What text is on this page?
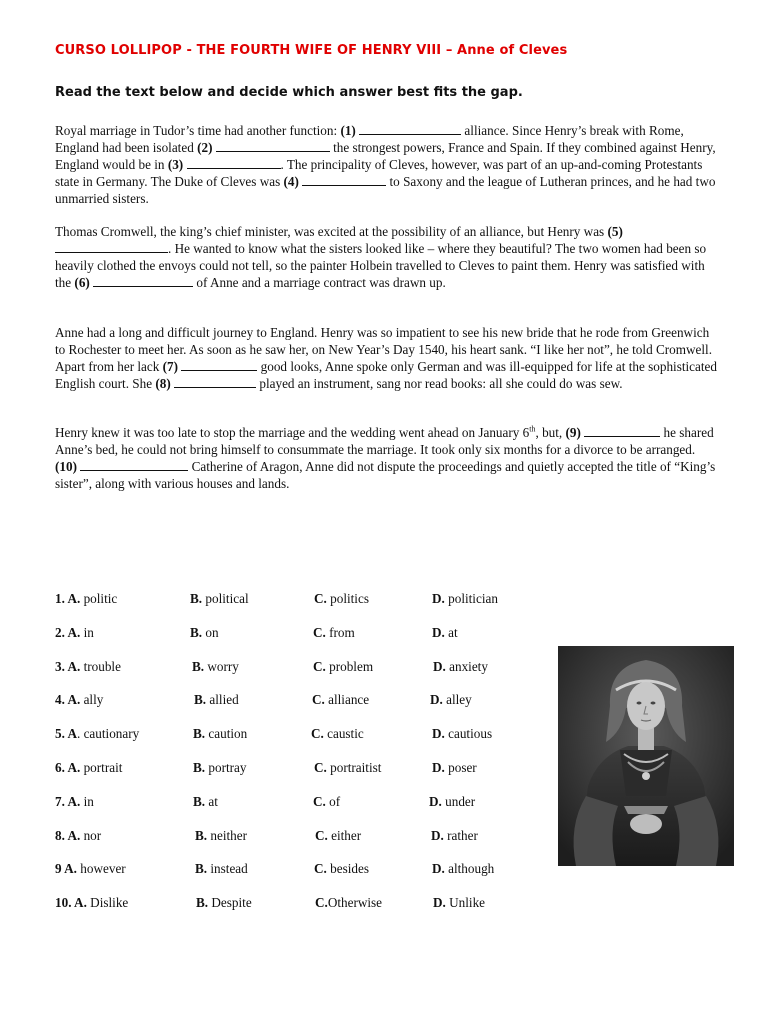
CURSO LOLLIPOP - THE FOURTH WIFE OF HENRY VIII – Anne of Cleves
Read the text below and decide which answer best fits the gap.

Royal marriage in Tudor’s time had another function: (1)	alliance. Since Henry’s break with Rome, England had been isolated (2)	the strongest powers, France and Spain. If they combined against Henry, England would be in (3)	. The principality of Cleves, however, was part of an up-and-coming Protestants state in Germany. The Duke of Cleves was (4)	to Saxony and the league of Lutheran princes, and he had two unmarried sisters.

Thomas Cromwell, the king’s chief minister, was excited at the possibility of an alliance, but Henry was (5) . He wanted to know what the sisters looked like – where they beautiful? The two women had been so heavily clothed the envoys could not tell, so the painter Holbein travelled to Cleves to paint them. Henry was satisfied with the (6)	of Anne and a marriage contract was drawn up.

Anne had a long and difficult journey to England. Henry was so impatient to see his new bride that he rode from Greenwich to Rochester to meet her. As soon as he saw her, on New Year’s Day 1540, his heart sank. “I like her not”, he told Cromwell. Apart from her lack (7)	good looks, Anne spoke only German and was ill-equipped for life at the sophisticated English court. She (8)	played an instrument, sang nor read books: all she could do was sew.

Henry knew it was too late to stop the marriage and the wedding went ahead on January 6th, but, (9)	he shared Anne’s bed, he could not bring himself to consummate the marriage. It took only six months for a divorce to be arranged. (10)	Catherine of Aragon, Anne did not dispute the proceedings and quietly accepted the title of “King’s sister”, along with various houses and lands.

1. A. politic	B. political	C. politics	D. politician
2. A. in	B. on	C. from	D. at
3. A. trouble	B. worry	C. problem	D. anxiety
4. A. ally	B. allied	C. alliance	D. alley
5. A. cautionary	B. caution	C. caustic	D. cautious
6. A. portrait	B. portray	C. portraitist	D. poser
7. A. in	B. at	C. of	D. under
8. A. nor	B. neither	C. either	D. rather
9 A. however	B. instead	C. besides	D. although
10. A. Dislike	B. Despite	C.Otherwise	D. Unlike
